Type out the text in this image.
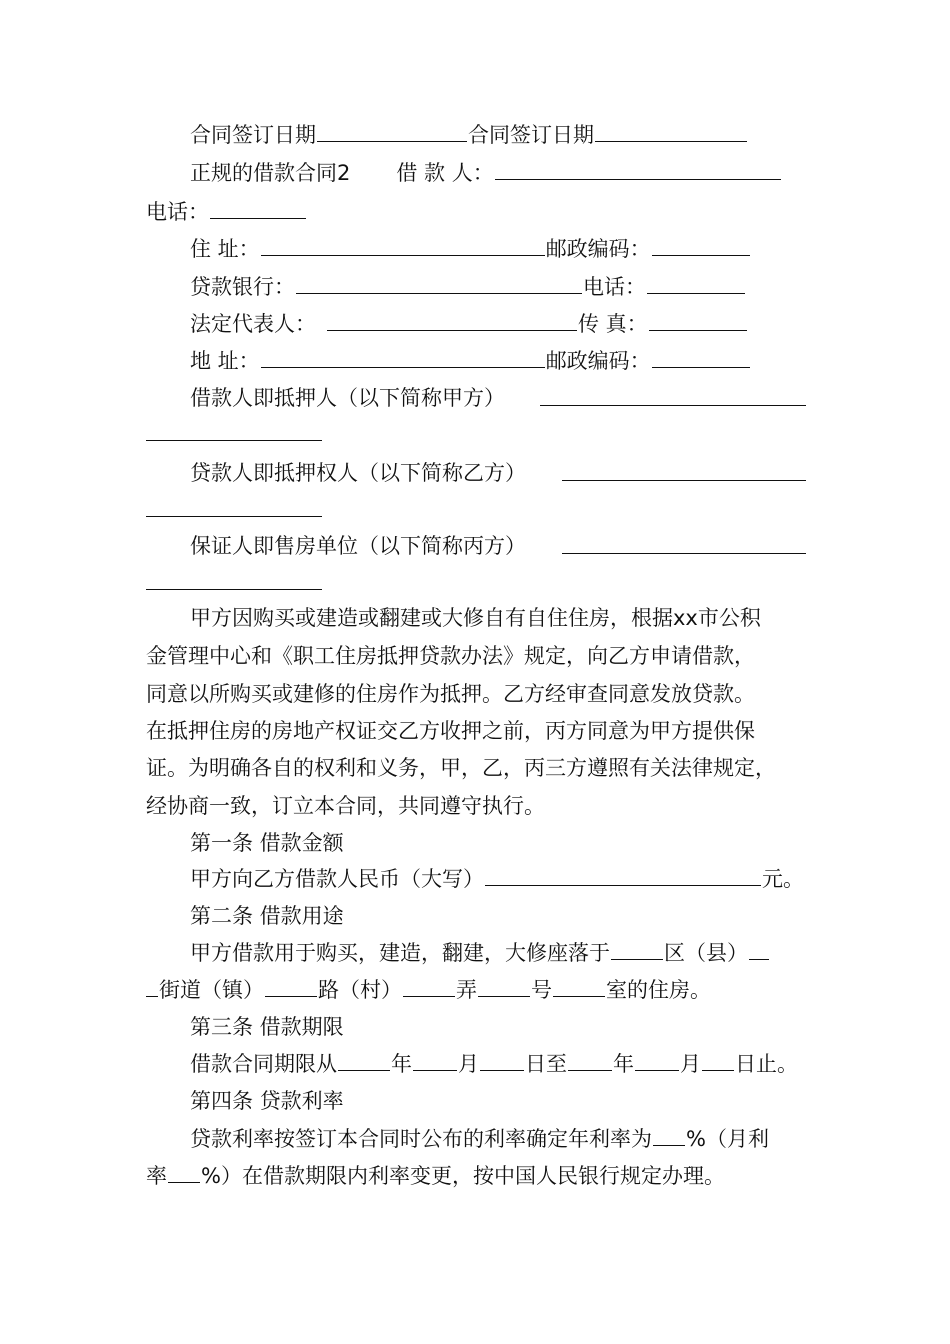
合同签订日期	合同签订日期
正规的借款合同2 借 款 人：
电话：
住 址：	邮政编码：
贷款银行：	电话：
法定代表人：	传 真：
地 址：	邮政编码：
借款人即抵押人（以下简称甲方）
贷款人即抵押权人（以下简称乙方）
保证人即售房单位（以下简称丙方）
甲方因购买或建造或翻建或大修自有自住住房，根据xx市公积
金管理中心和《职工住房抵押贷款办法》规定，向乙方申请借款，
同意以所购买或建修的住房作为抵押。乙方经审查同意发放贷款。
在抵押住房的房地产权证交乙方收押之前，丙方同意为甲方提供保
证。为明确各自的权利和义务，甲，乙，丙三方遵照有关法律规定，
经协商一致，订立本合同，共同遵守执行。
第一条 借款金额
甲方向乙方借款人民币（大写）	元。
第二条 借款用途
甲方借款用于购买，建造，翻建，大修座落于	区（县）
街道（镇）	路（村）	弄	号	室的住房。
第三条 借款期限
借款合同期限从	年 月 日至 年 月 日止。
第四条 贷款利率
贷款利率按签订本合同时公布的利率确定年利率为 %（月利
率 %）在借款期限内利率变更，按中国人民银行规定办理。
